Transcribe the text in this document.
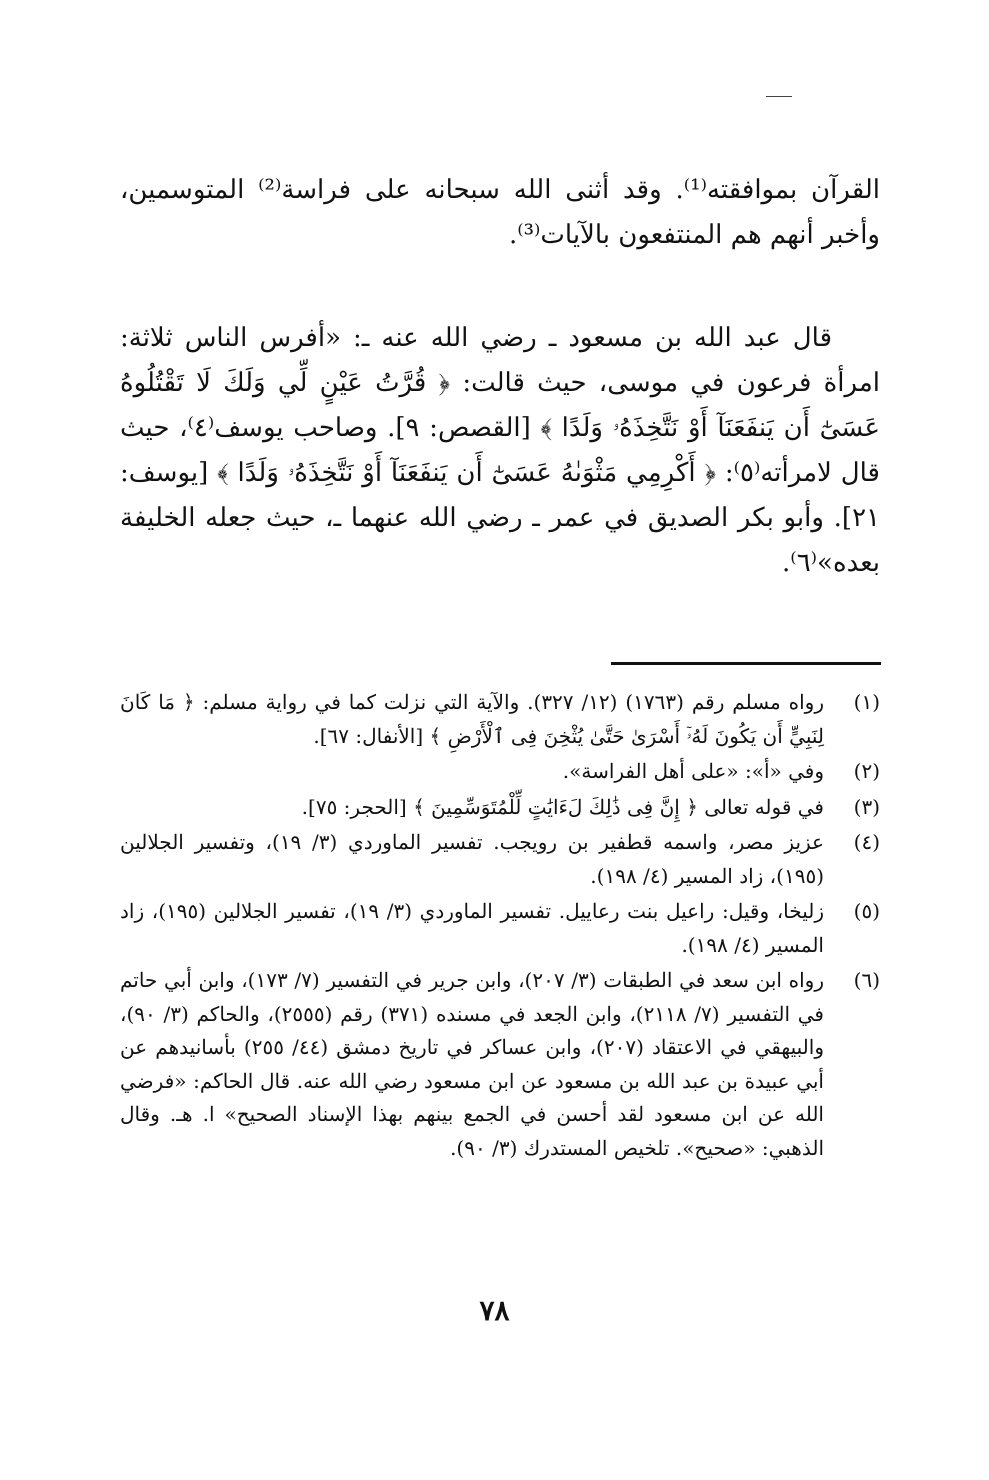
القرآن بموافقته⁽¹⁾. وقد أثنى الله سبحانه على فراسة⁽²⁾ المتوسمين، وأخبر أنهم هم المنتفعون بالآيات⁽³⁾.

قال عبد الله بن مسعود ـ رضي الله عنه ـ: «أفرس الناس ثلاثة: امرأة فرعون في موسى، حيث قالت: ﴿ قُرَّتُ عَيْنٍ لِّي وَلَكَ لَا تَقْتُلُوهُ عَسَىٰٓ أَن يَنفَعَنَآ أَوْ نَتَّخِذَهُۥ وَلَدًا ﴾ [القصص: ٩]. وصاحب يوسف⁽٤⁾، حيث قال لامرأته⁽٥⁾: ﴿ أَكْرِمِي مَثْوَىٰهُ عَسَىٰٓ أَن يَنفَعَنَآ أَوْ نَتَّخِذَهُۥ وَلَدًا ﴾ [يوسف: ٢١]. وأبو بكر الصديق في عمر ـ رضي الله عنهما ـ، حيث جعله الخليفة بعده»⁽٦⁾.

(١)
رواه مسلم رقم (١٧٦٣) (١٢/ ٣٢٧). والآية التي نزلت كما في رواية مسلم: ﴿ مَا كَانَ لِنَبِيٍّ أَن يَكُونَ لَهُۥٓ أَسْرَىٰ حَتَّىٰ يُثْخِنَ فِى ٱلْأَرْضِ ﴾ [الأنفال: ٦٧].
(٢)
وفي «أ»: «على أهل الفراسة».
(٣)
في قوله تعالى ﴿ إِنَّ فِى ذَٰلِكَ لَءَايَٰتٍ لِّلْمُتَوَسِّمِينَ ﴾ [الحجر: ٧٥].
(٤)
عزيز مصر، واسمه قطفير بن رويجب. تفسير الماوردي (٣/ ١٩)، وتفسير الجلالين (١٩٥)، زاد المسير (٤/ ١٩٨).
(٥)
زليخا، وقيل: راعيل بنت رعاييل. تفسير الماوردي (٣/ ١٩)، تفسير الجلالين (١٩٥)، زاد المسير (٤/ ١٩٨).
(٦)
رواه ابن سعد في الطبقات (٣/ ٢٠٧)، وابن جرير في التفسير (٧/ ١٧٣)، وابن أبي حاتم في التفسير (٧/ ٢١١٨)، وابن الجعد في مسنده (٣٧١) رقم (٢٥٥٥)، والحاكم (٣/ ٩٠)، والبيهقي في الاعتقاد (٢٠٧)، وابن عساكر في تاريخ دمشق (٤٤/ ٢٥٥) بأسانيدهم عن أبي عبيدة بن عبد الله بن مسعود عن ابن مسعود رضي الله عنه. قال الحاكم: «فرضي الله عن ابن مسعود لقد أحسن في الجمع بينهم بهذا الإسناد الصحيح» ا. هـ. وقال الذهبي: «صحيح». تلخيص المستدرك (٣/ ٩٠).
٧٨
